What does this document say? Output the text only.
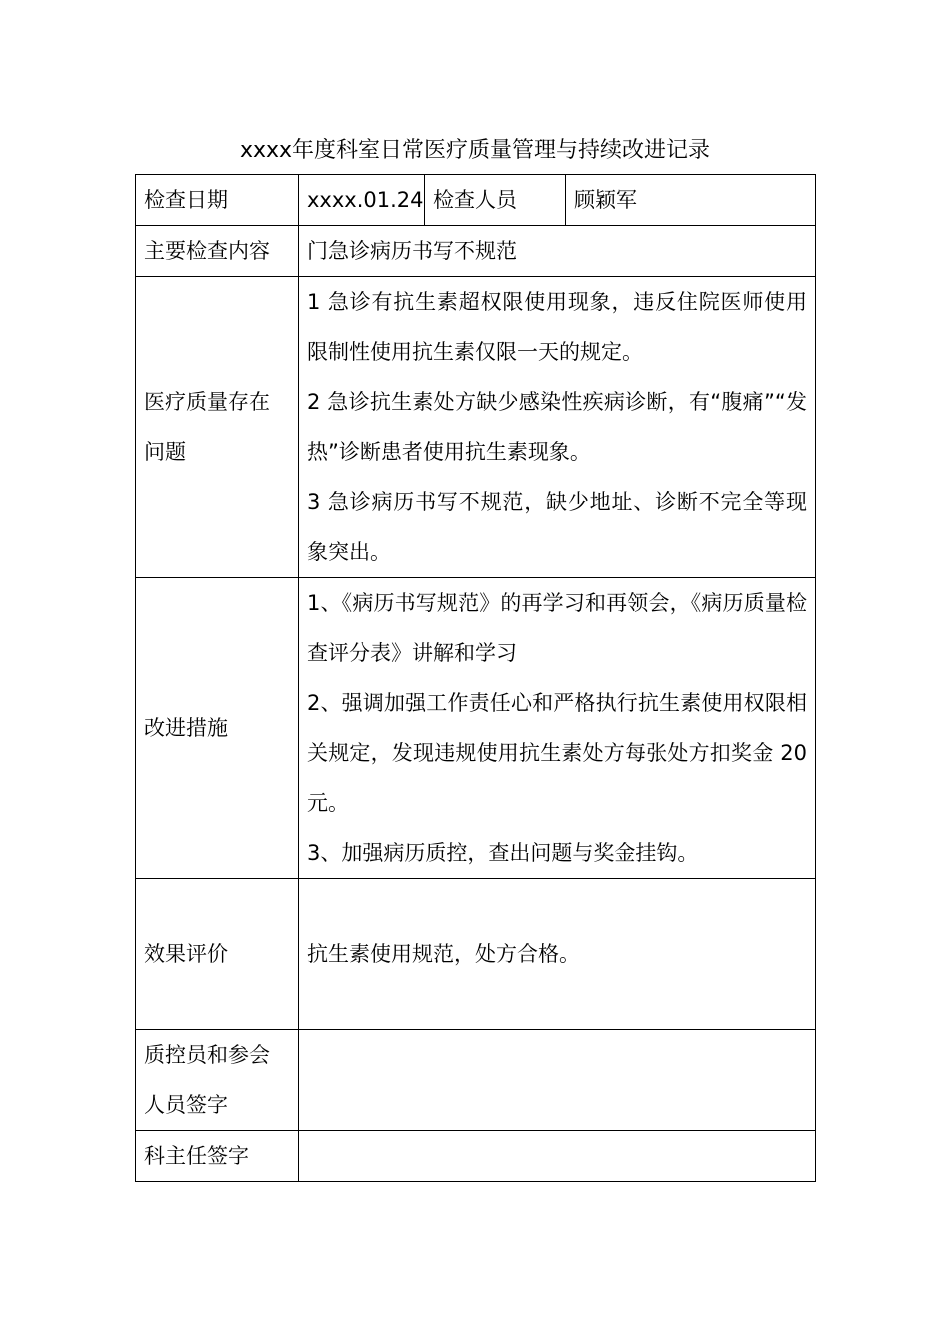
xxxx年度科室日常医疗质量管理与持续改进记录
检查日期	xxxx.01.24	检查人员	顾颖军
主要检查内容	门急诊病历书写不规范		
医疗质量存在问题	1 急诊有抗生素超权限使用现象，违反住院医师使用限制性使用抗生素仅限一天的规定。
2 急诊抗生素处方缺少感染性疾病诊断，有“腹痛”“发热”诊断患者使用抗生素现象。
3 急诊病历书写不规范，缺少地址、诊断不完全等现象突出。		

改进措施	1、《病历书写规范》的再学习和再领会，《病历质量检查评分表》讲解和学习
2、强调加强工作责任心和严格执行抗生素使用权限相关规定，发现违规使用抗生素处方每张处方扣奖金 20 元。
3、加强病历质控，查出问题与奖金挂钩。		

效果评价	抗生素使用规范，处方合格。		
质控员和参会人员签字			
科主任签字			
